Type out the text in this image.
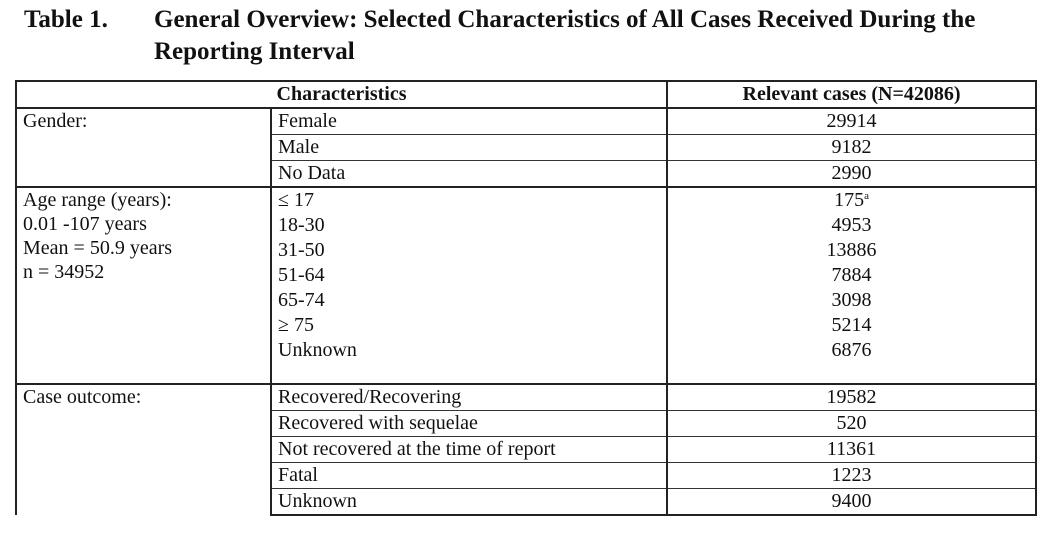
Table 1. General Overview: Selected Characteristics of All Cases Received During the Reporting Interval
Characteristics		Relevant cases (N=42086)
Gender:	Female	29914
	Male	9182
	No Data	2990

Age range (years):
0.01 -107 years
Mean = 50.9 years
n = 34952	≤ 17	175$^a$
	18-30	4953
	31-50	13886
	51-64	7884
	65-74	3098
	≥ 75	5214
	Unknown	6876

Case outcome:	Recovered/Recovering	19582
	Recovered with sequelae	520
	Not recovered at the time of report	11361
	Fatal	1223
	Unknown	9400
